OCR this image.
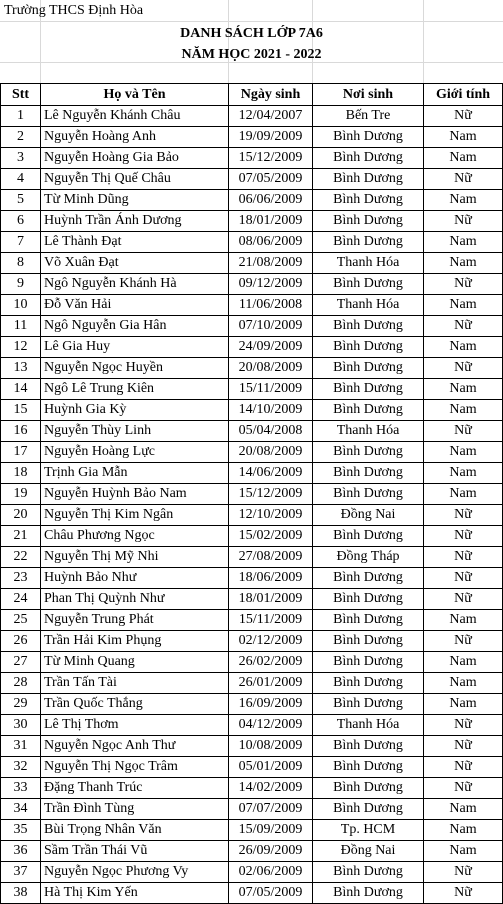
Trường THCS Định Hòa
DANH SÁCH LỚP 7A6
NĂM HỌC 2021 - 2022
Stt	Họ và Tên	Ngày sinh	Nơi sinh	Giới tính
1	Lê Nguyễn Khánh Châu	12/04/2007	Bến Tre	Nữ
2	Nguyễn Hoàng Anh	19/09/2009	Bình Dương	Nam
3	Nguyễn Hoàng Gia Bảo	15/12/2009	Bình Dương	Nam
4	Nguyễn Thị Quế Châu	07/05/2009	Bình Dương	Nữ
5	Từ Minh Dũng	06/06/2009	Bình Dương	Nam
6	Huỳnh Trần Ánh Dương	18/01/2009	Bình Dương	Nữ
7	Lê Thành Đạt	08/06/2009	Bình Dương	Nam
8	Võ Xuân Đạt	21/08/2009	Thanh Hóa	Nam
9	Ngô Nguyễn Khánh Hà	09/12/2009	Bình Dương	Nữ
10	Đỗ Văn Hải	11/06/2008	Thanh Hóa	Nam
11	Ngô Nguyễn Gia Hân	07/10/2009	Bình Dương	Nữ
12	Lê Gia Huy	24/09/2009	Bình Dương	Nam
13	Nguyễn Ngọc Huyền	20/08/2009	Bình Dương	Nữ
14	Ngô Lê Trung Kiên	15/11/2009	Bình Dương	Nam
15	Huỳnh Gia Kỳ	14/10/2009	Bình Dương	Nam
16	Nguyễn Thùy Linh	05/04/2008	Thanh Hóa	Nữ
17	Nguyễn Hoàng Lực	20/08/2009	Bình Dương	Nam
18	Trịnh Gia Mẫn	14/06/2009	Bình Dương	Nam
19	Nguyễn Huỳnh Bảo Nam	15/12/2009	Bình Dương	Nam
20	Nguyễn Thị Kim Ngân	12/10/2009	Đồng Nai	Nữ
21	Châu Phương Ngọc	15/02/2009	Bình Dương	Nữ
22	Nguyễn Thị Mỹ Nhi	27/08/2009	Đồng Tháp	Nữ
23	Huỳnh Bảo Như	18/06/2009	Bình Dương	Nữ
24	Phan Thị Quỳnh Như	18/01/2009	Bình Dương	Nữ
25	Nguyễn Trung Phát	15/11/2009	Bình Dương	Nam
26	Trần Hải Kim Phụng	02/12/2009	Bình Dương	Nữ
27	Từ Minh Quang	26/02/2009	Bình Dương	Nam
28	Trần Tấn Tài	26/01/2009	Bình Dương	Nam
29	Trần Quốc Thắng	16/09/2009	Bình Dương	Nam
30	Lê Thị Thơm	04/12/2009	Thanh Hóa	Nữ
31	Nguyễn Ngọc Anh Thư	10/08/2009	Bình Dương	Nữ
32	Nguyễn Thị Ngọc Trâm	05/01/2009	Bình Dương	Nữ
33	Đặng Thanh Trúc	14/02/2009	Bình Dương	Nữ
34	Trần Đình Tùng	07/07/2009	Bình Dương	Nam
35	Bùi Trọng Nhân Văn	15/09/2009	Tp. HCM	Nam
36	Sầm Trần Thái Vũ	26/09/2009	Đồng Nai	Nam
37	Nguyễn Ngọc Phương Vy	02/06/2009	Bình Dương	Nữ
38	Hà Thị Kim Yến	07/05/2009	Bình Dương	Nữ
